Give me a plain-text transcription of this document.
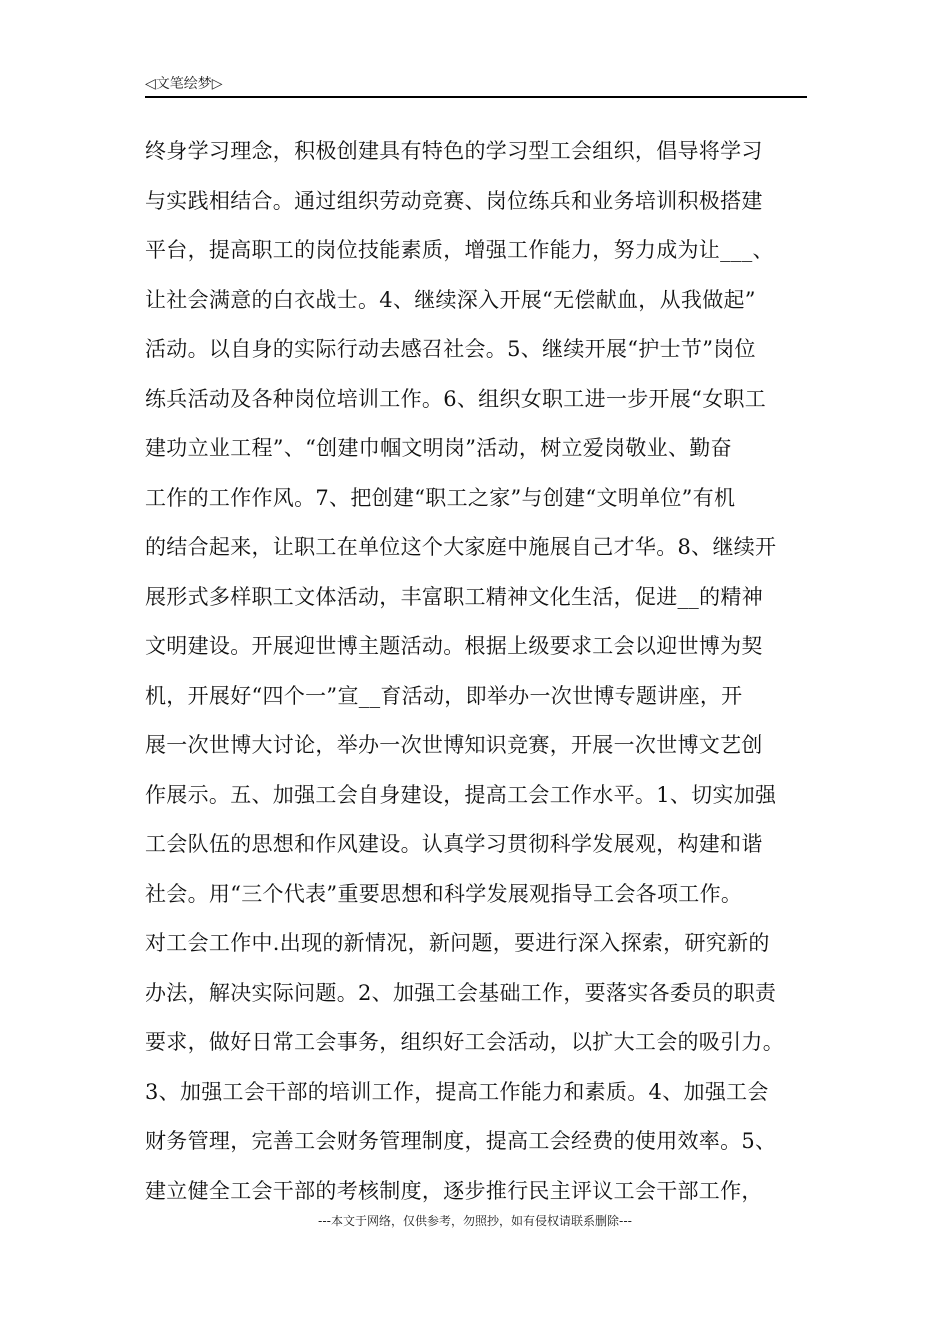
◁文笔绘梦▷
终身学习理念，积极创建具有特色的学习型工会组织，倡导将学习
与实践相结合。通过组织劳动竞赛、岗位练兵和业务培训积极搭建
平台，提高职工的岗位技能素质，增强工作能力，努力成为让___、
让社会满意的白衣战士。4、继续深入开展“无偿献血，从我做起”
活动。以自身的实际行动去感召社会。5、继续开展“护士节”岗位
练兵活动及各种岗位培训工作。6、组织女职工进一步开展“女职工
建功立业工程”、“创建巾帼文明岗”活动，树立爱岗敬业、勤奋
工作的工作作风。7、把创建“职工之家”与创建“文明单位”有机
的结合起来，让职工在单位这个大家庭中施展自己才华。8、继续开
展形式多样职工文体活动，丰富职工精神文化生活，促进__的精神
文明建设。开展迎世博主题活动。根据上级要求工会以迎世博为契
机，开展好“四个一”宣__育活动，即举办一次世博专题讲座，开
展一次世博大讨论，举办一次世博知识竞赛，开展一次世博文艺创
作展示。五、加强工会自身建设，提高工会工作水平。1、切实加强
工会队伍的思想和作风建设。认真学习贯彻科学发展观，构建和谐
社会。用“三个代表”重要思想和科学发展观指导工会各项工作。
对工会工作中.出现的新情况，新问题，要进行深入探索，研究新的
办法，解决实际问题。2、加强工会基础工作，要落实各委员的职责
要求，做好日常工会事务，组织好工会活动，以扩大工会的吸引力。
3、加强工会干部的培训工作，提高工作能力和素质。4、加强工会
财务管理，完善工会财务管理制度，提高工会经费的使用效率。5、
建立健全工会干部的考核制度，逐步推行民主评议工会干部工作，
---本文于网络，仅供参考，勿照抄，如有侵权请联系删除---
